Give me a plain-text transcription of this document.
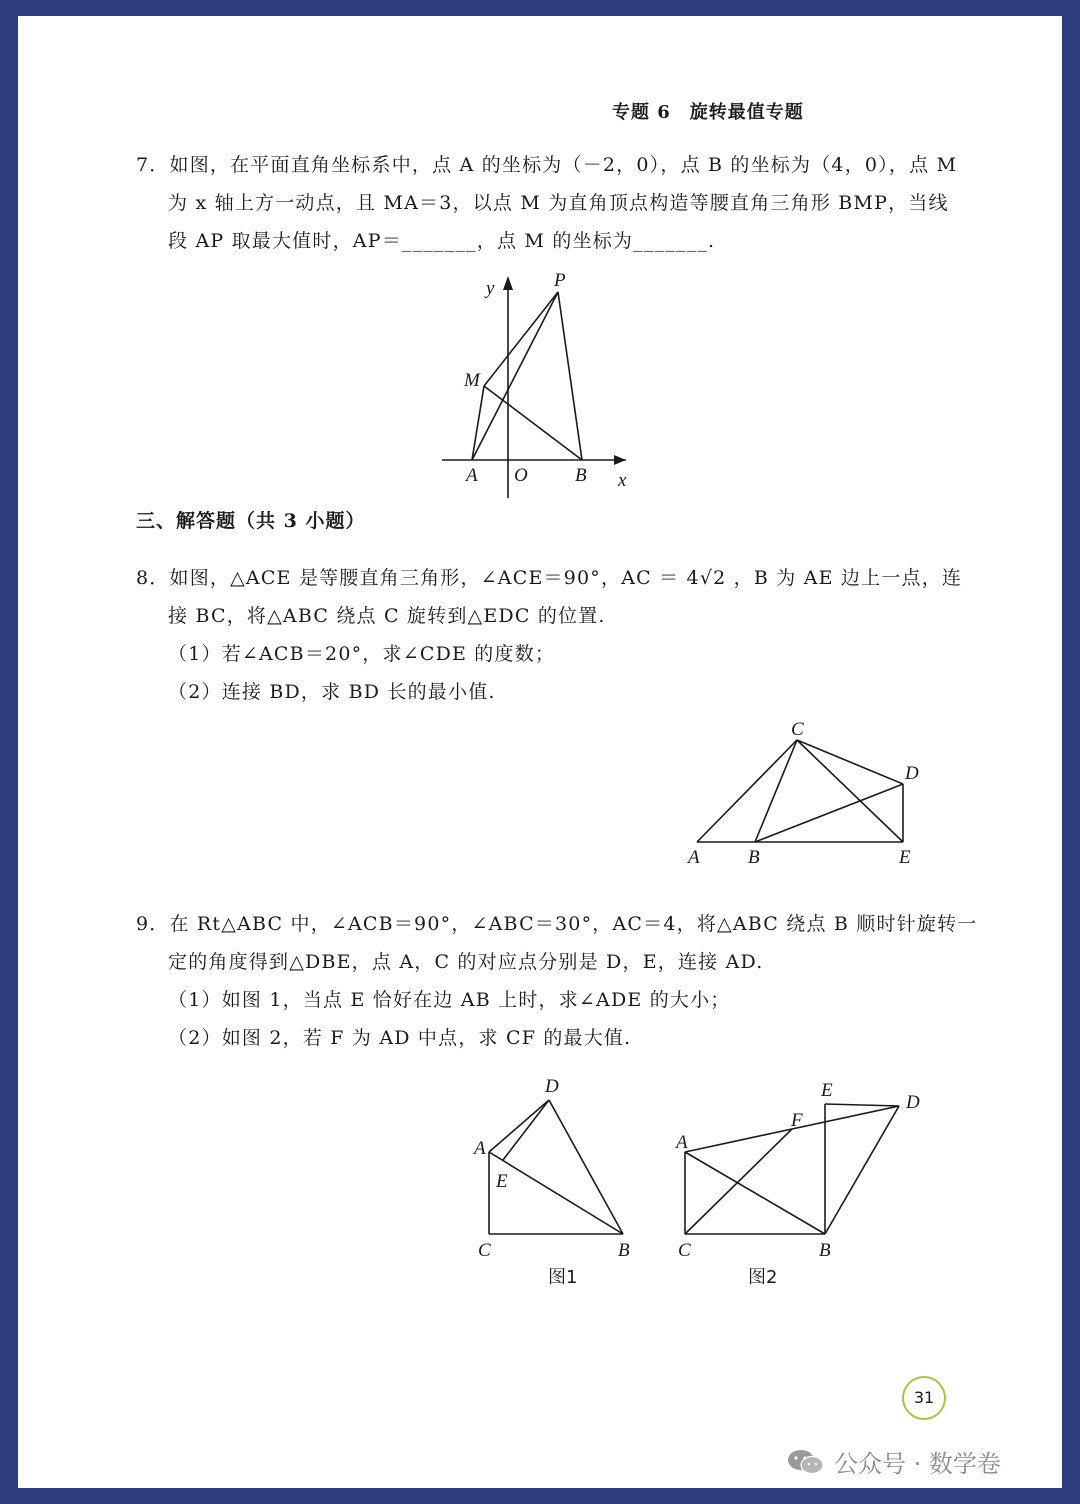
专题 6　旋转最值专题
7．如图，在平面直角坐标系中，点 A 的坐标为（－2，0），点 B 的坐标为（4，0），点 M
为 x 轴上方一动点，且 MA＝3，以点 M 为直角顶点构造等腰直角三角形 BMP，当线
段 AP 取最大值时，AP＝_______，点 M 的坐标为_______.
y
x
P
M
A O B
三、解答题（共 3 小题）
8．如图，△ACE 是等腰直角三角形，∠ACE＝90°，AC ＝ 4√2 ，B 为 AE 边上一点，连
接 BC，将△ABC 绕点 C 旋转到△EDC 的位置.
（1）若∠ACB＝20°，求∠CDE 的度数；
（2）连接 BD，求 BD 长的最小值.
C
D
A	B	E
9．在 Rt△ABC 中，∠ACB＝90°，∠ABC＝30°，AC＝4，将△ABC 绕点 B 顺时针旋转一
定的角度得到△DBE，点 A，C 的对应点分别是 D，E，连接 AD.
（1）如图 1，当点 E 恰好在边 AB 上时，求∠ADE 的大小；
（2）如图 2，若 F 为 AD 中点，求 CF 的最大值.
D
A
E
C	B
图1
E
D
F
A
C	B
图2
31
公众号 · 数学卷
